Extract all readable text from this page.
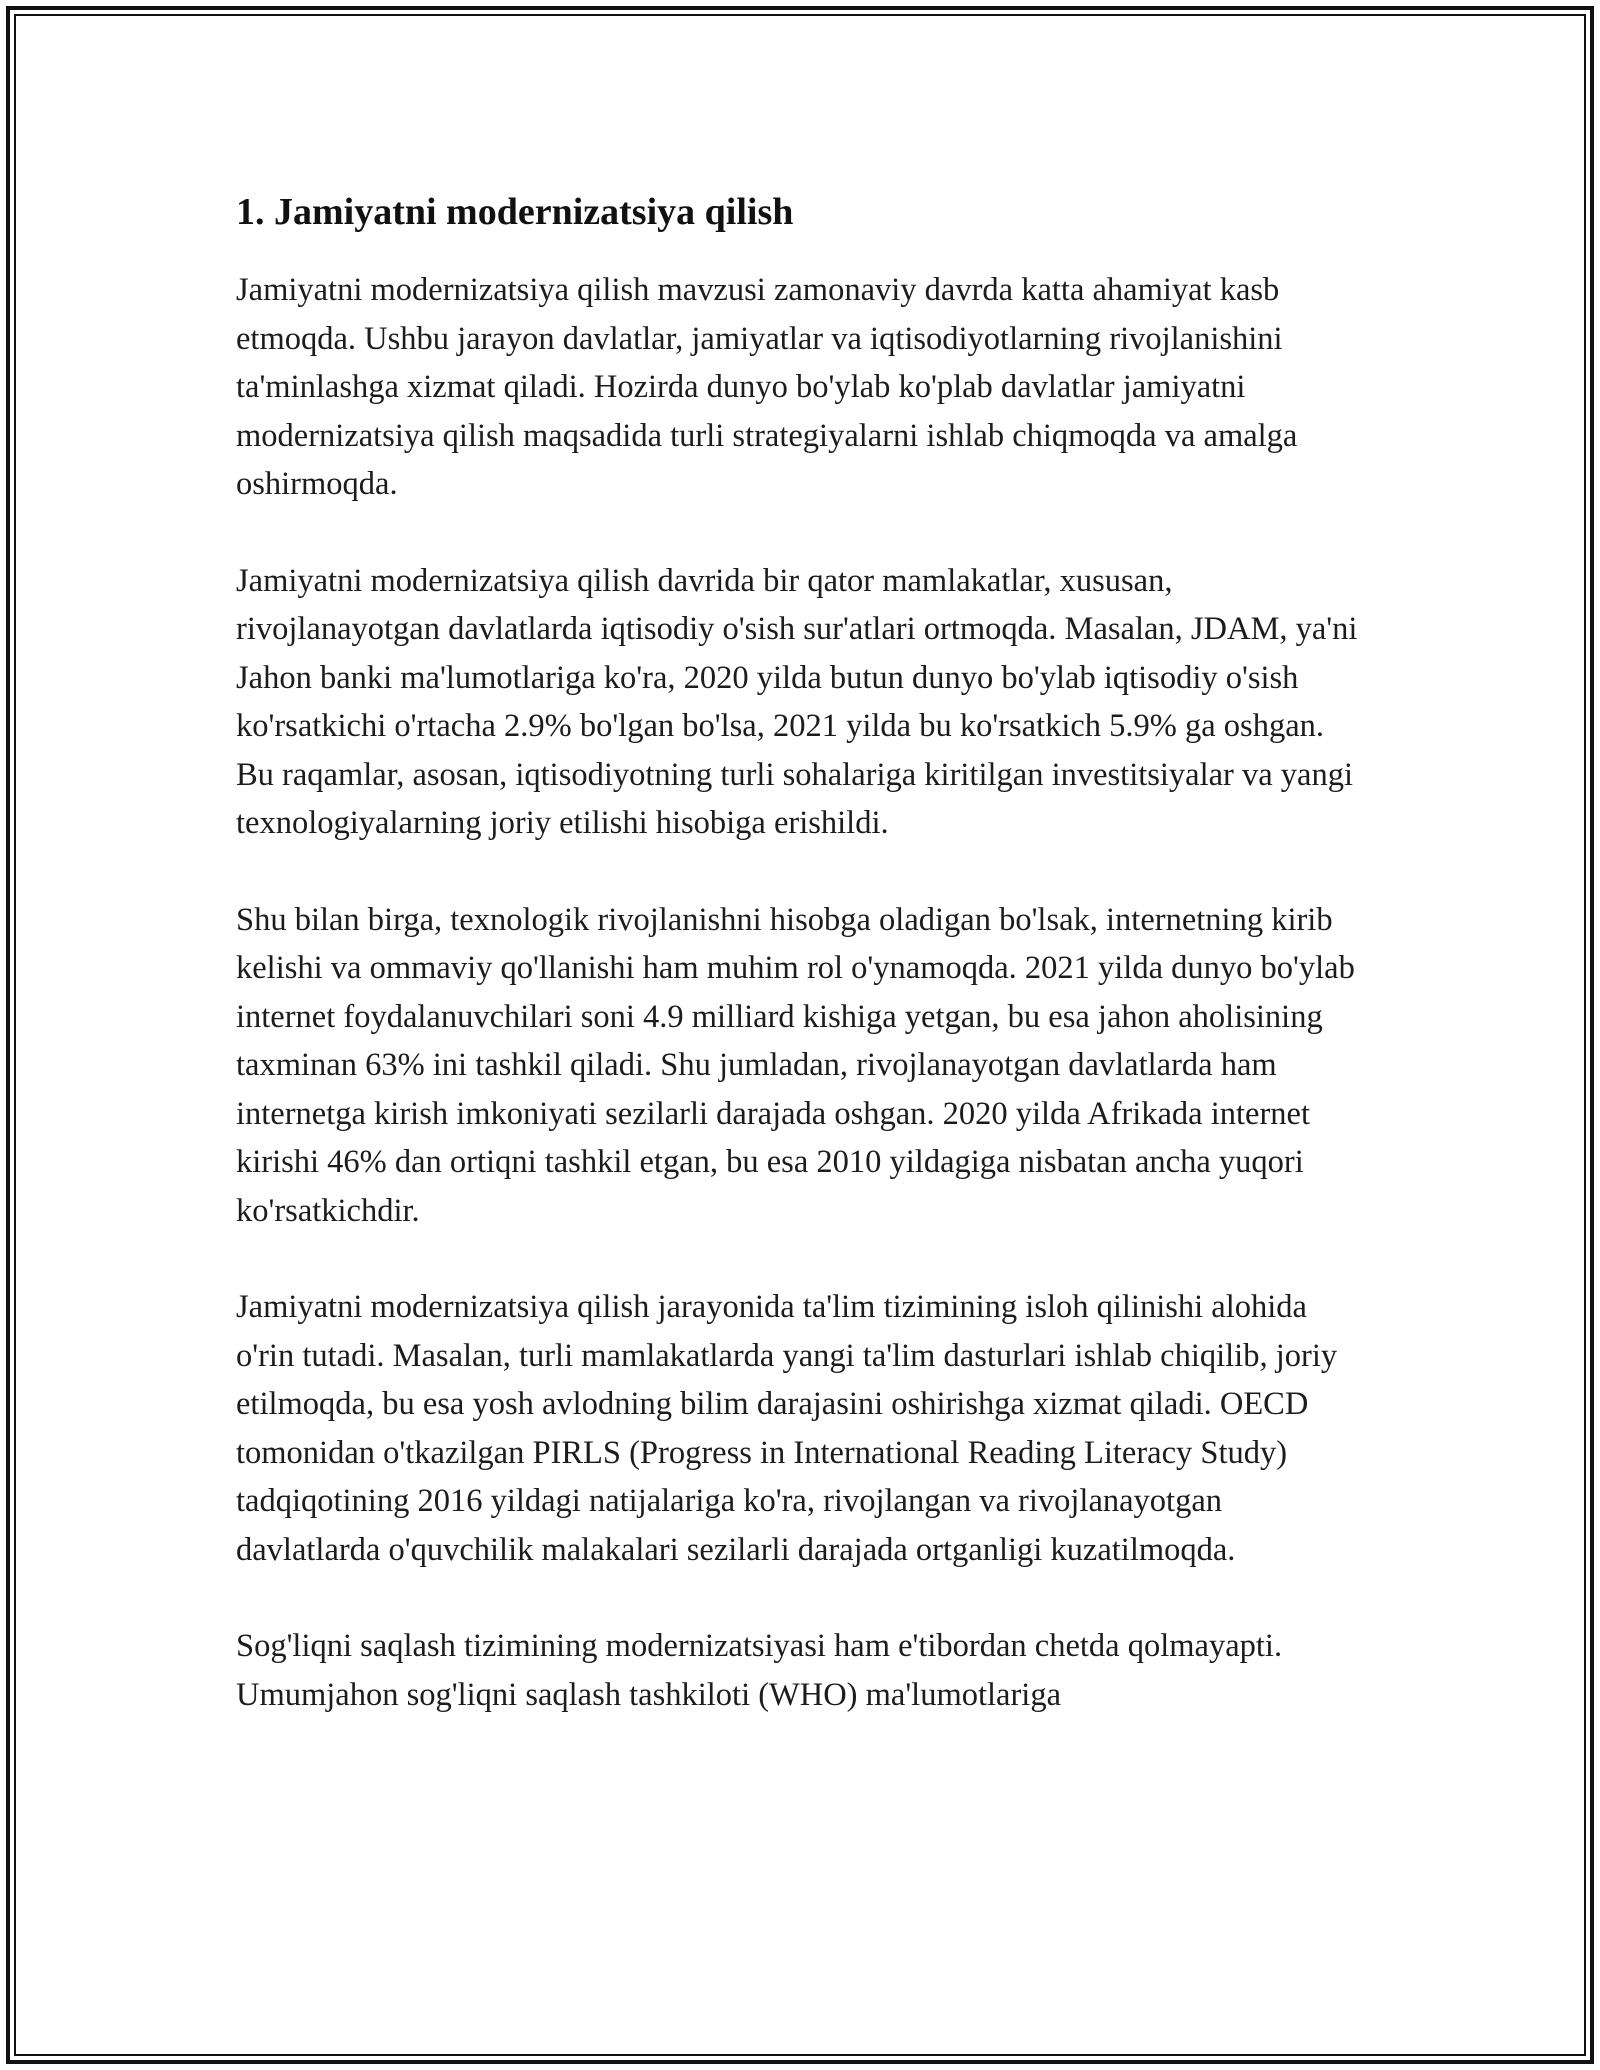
1. Jamiyatni modernizatsiya qilish

Jamiyatni modernizatsiya qilish mavzusi zamonaviy davrda katta ahamiyat kasb etmoqda. Ushbu jarayon davlatlar, jamiyatlar va iqtisodiyotlarning rivojlanishini ta'minlashga xizmat qiladi. Hozirda dunyo bo'ylab ko'plab davlatlar jamiyatni modernizatsiya qilish maqsadida turli strategiyalarni ishlab chiqmoqda va amalga oshirmoqda.

Jamiyatni modernizatsiya qilish davrida bir qator mamlakatlar, xususan, rivojlanayotgan davlatlarda iqtisodiy o'sish sur'atlari ortmoqda. Masalan, JDAM, ya'ni Jahon banki ma'lumotlariga ko'ra, 2020 yilda butun dunyo bo'ylab iqtisodiy o'sish ko'rsatkichi o'rtacha 2.9% bo'lgan bo'lsa, 2021 yilda bu ko'rsatkich 5.9% ga oshgan. Bu raqamlar, asosan, iqtisodiyotning turli sohalariga kiritilgan investitsiyalar va yangi texnologiyalarning joriy etilishi hisobiga erishildi.

Shu bilan birga, texnologik rivojlanishni hisobga oladigan bo'lsak, internetning kirib kelishi va ommaviy qo'llanishi ham muhim rol o'ynamoqda. 2021 yilda dunyo bo'ylab internet foydalanuvchilari soni 4.9 milliard kishiga yetgan, bu esa jahon aholisining taxminan 63% ini tashkil qiladi. Shu jumladan, rivojlanayotgan davlatlarda ham internetga kirish imkoniyati sezilarli darajada oshgan. 2020 yilda Afrikada internet kirishi 46% dan ortiqni tashkil etgan, bu esa 2010 yildagiga nisbatan ancha yuqori ko'rsatkichdir.

Jamiyatni modernizatsiya qilish jarayonida ta'lim tizimining isloh qilinishi alohida o'rin tutadi. Masalan, turli mamlakatlarda yangi ta'lim dasturlari ishlab chiqilib, joriy etilmoqda, bu esa yosh avlodning bilim darajasini oshirishga xizmat qiladi. OECD tomonidan o'tkazilgan PIRLS (Progress in International Reading Literacy Study) tadqiqotining 2016 yildagi natijalariga ko'ra, rivojlangan va rivojlanayotgan davlatlarda o'quvchilik malakalari sezilarli darajada ortganligi kuzatilmoqda.

Sog'liqni saqlash tizimining modernizatsiyasi ham e'tibordan chetda qolmayapti. Umumjahon sog'liqni saqlash tashkiloti (WHO) ma'lumotlariga
